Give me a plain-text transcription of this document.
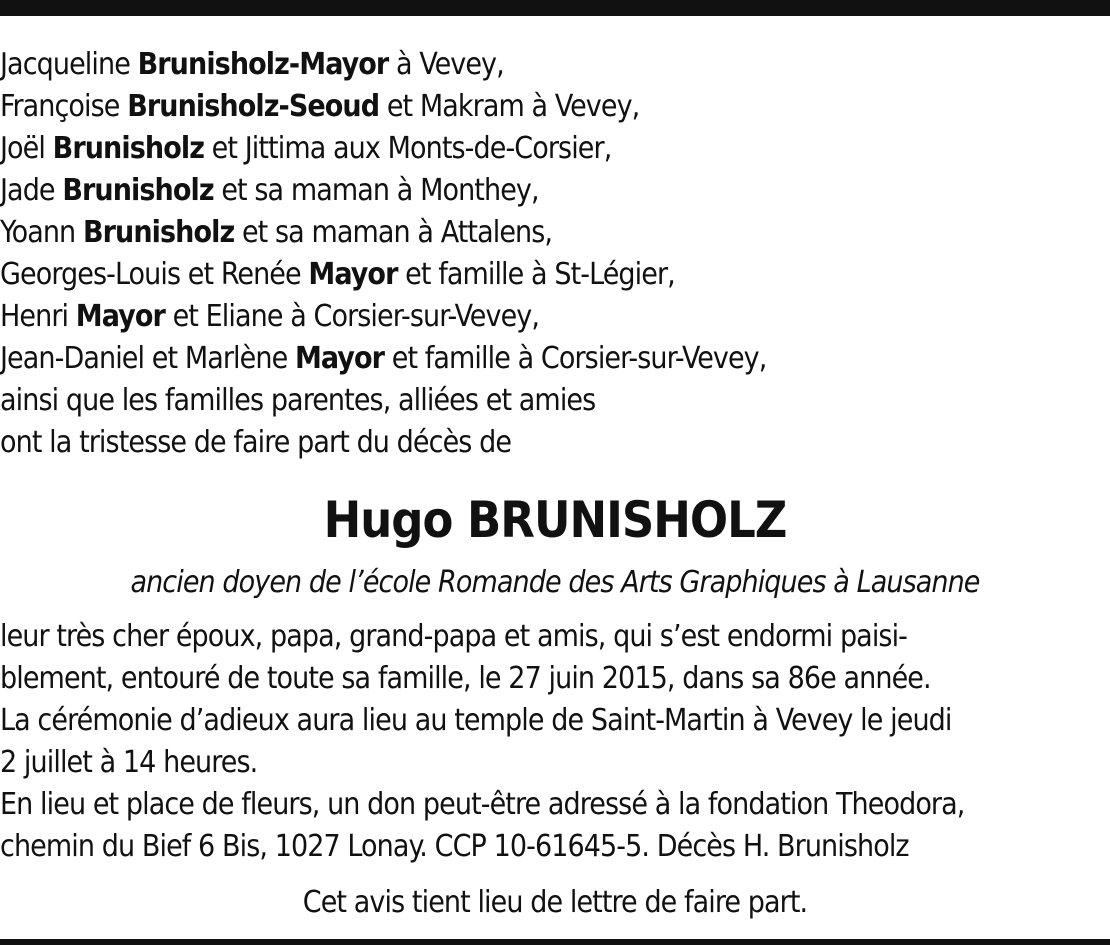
Jacqueline Brunisholz-Mayor à Vevey,
Françoise Brunisholz-Seoud et Makram à Vevey,
Joël Brunisholz et Jittima aux Monts-de-Corsier,
Jade Brunisholz et sa maman à Monthey,
Yoann Brunisholz et sa maman à Attalens,
Georges-Louis et Renée Mayor et famille à St-Légier,
Henri Mayor et Eliane à Corsier-sur-Vevey,
Jean-Daniel et Marlène Mayor et famille à Corsier-sur-Vevey,
ainsi que les familles parentes, alliées et amies
ont la tristesse de faire part du décès de
Hugo BRUNISHOLZ
ancien doyen de l’école Romande des Arts Graphiques à Lausanne
leur très cher époux, papa, grand-papa et amis, qui s’est endormi paisi-
blement, entouré de toute sa famille, le 27 juin 2015, dans sa 86e année.
La cérémonie d’adieux aura lieu au temple de Saint-Martin à Vevey le jeudi
2 juillet à 14 heures.
En lieu et place de fleurs, un don peut-être adressé à la fondation Theodora,
chemin du Bief 6 Bis, 1027 Lonay. CCP 10-61645-5. Décès H. Brunisholz
Cet avis tient lieu de lettre de faire part.
